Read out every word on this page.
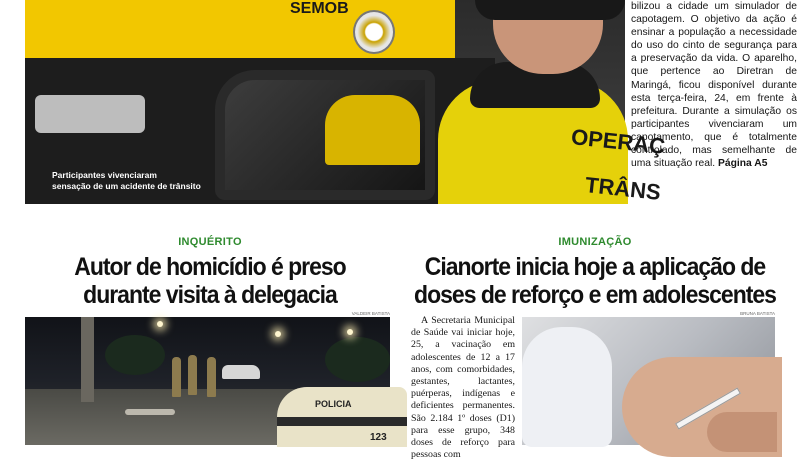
SEMOB
001
OPERAÇ
TRÂNS
Participantes vivenciaram
sensação de um acidente de trânsito

bilizou a cidade um simulador de capotagem. O objetivo da ação é ensinar a população a necessidade do uso do cinto de segurança para a preservação da vida. O aparelho, que pertence ao Diretran de Maringá, ficou disponível durante esta terça-feira, 24, em frente à prefeitura. Durante a simulação os participantes vivenciaram um capotamento, que é totalmente controlado, mas semelhante de uma situação real. Página A5

INQUÉRITO
Autor de homicídio é preso
durante visita à delegacia
VALDEIR BATISTA
IMUNIZAÇÃO
Cianorte inicia hoje a aplicação de
doses de reforço e em adolescentes
BRUNA BATISTA
POLICIA
123

A Secretaria Municipal de Saúde vai iniciar hoje, 25, a vacinação em adolescentes de 12 a 17 anos, com comorbidades, gestantes, lactantes, puérperas, indígenas e deficientes permanentes. São 2.184 1º doses (D1) para esse grupo, 348 doses de reforço para pessoas com
